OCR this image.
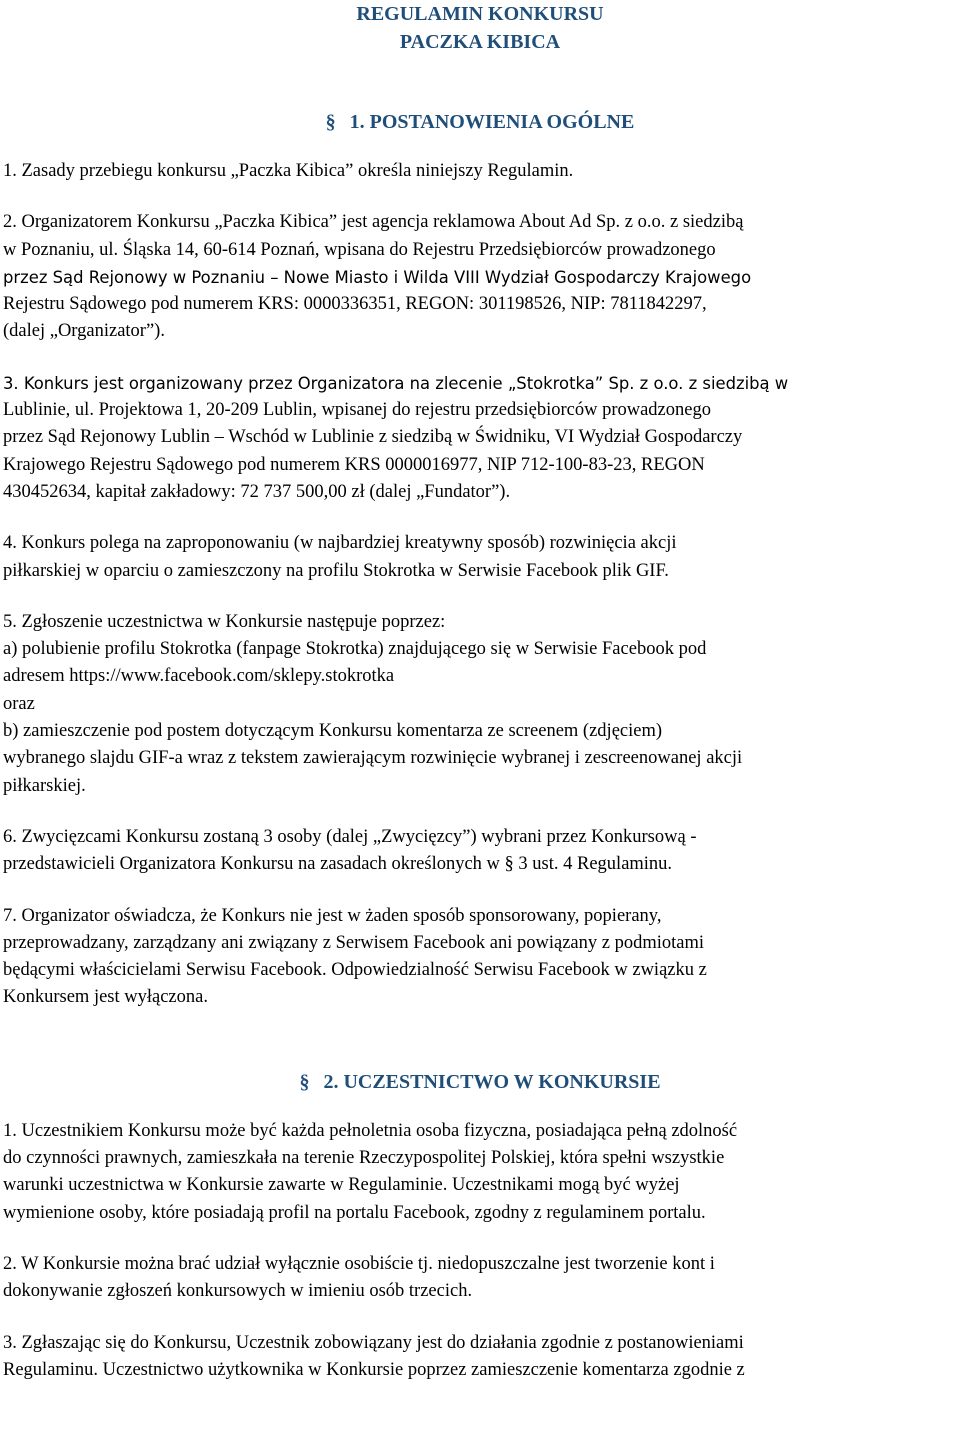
REGULAMIN KONKURSU
PACZKA KIBICA
§ 1. POSTANOWIENIA OGÓLNE

1. Zasady przebiegu konkursu „Paczka Kibica” określa niniejszy Regulamin.

2. Organizatorem Konkursu „Paczka Kibica” jest agencja reklamowa About Ad Sp. z o.o. z siedzibą
w Poznaniu, ul. Śląska 14, 60-614 Poznań, wpisana do Rejestru Przedsiębiorców prowadzonego
przez Sąd Rejonowy w Poznaniu – Nowe Miasto i Wilda VIII Wydział Gospodarczy Krajowego
Rejestru Sądowego pod numerem KRS: 0000336351, REGON: 301198526, NIP: 7811842297,
(dalej „Organizator”).

3. Konkurs jest organizowany przez Organizatora na zlecenie „Stokrotka” Sp. z o.o. z siedzibą w
Lublinie, ul. Projektowa 1, 20-209 Lublin, wpisanej do rejestru przedsiębiorców prowadzonego
przez Sąd Rejonowy Lublin – Wschód w Lublinie z siedzibą w Świdniku, VI Wydział Gospodarczy
Krajowego Rejestru Sądowego pod numerem KRS 0000016977, NIP 712-100-83-23, REGON
430452634, kapitał zakładowy: 72 737 500,00 zł (dalej „Fundator”).

4. Konkurs polega na zaproponowaniu (w najbardziej kreatywny sposób) rozwinięcia akcji
piłkarskiej w oparciu o zamieszczony na profilu Stokrotka w Serwisie Facebook plik GIF.

5. Zgłoszenie uczestnictwa w Konkursie następuje poprzez:
a) polubienie profilu Stokrotka (fanpage Stokrotka) znajdującego się w Serwisie Facebook pod
adresem https://www.facebook.com/sklepy.stokrotka
oraz
b) zamieszczenie pod postem dotyczącym Konkursu komentarza ze screenem (zdjęciem)
wybranego slajdu GIF-a wraz z tekstem zawierającym rozwinięcie wybranej i zescreenowanej akcji
piłkarskiej.

6. Zwycięzcami Konkursu zostaną 3 osoby (dalej „Zwycięzcy”) wybrani przez Konkursową -
przedstawicieli Organizatora Konkursu na zasadach określonych w § 3 ust. 4 Regulaminu.

7. Organizator oświadcza, że Konkurs nie jest w żaden sposób sponsorowany, popierany,
przeprowadzany, zarządzany ani związany z Serwisem Facebook ani powiązany z podmiotami
będącymi właścicielami Serwisu Facebook. Odpowiedzialność Serwisu Facebook w związku z
Konkursem jest wyłączona.

§ 2. UCZESTNICTWO W KONKURSIE

1. Uczestnikiem Konkursu może być każda pełnoletnia osoba fizyczna, posiadająca pełną zdolność
do czynności prawnych, zamieszkała na terenie Rzeczypospolitej Polskiej, która spełni wszystkie
warunki uczestnictwa w Konkursie zawarte w Regulaminie. Uczestnikami mogą być wyżej
wymienione osoby, które posiadają profil na portalu Facebook, zgodny z regulaminem portalu.

2. W Konkursie można brać udział wyłącznie osobiście tj. niedopuszczalne jest tworzenie kont i
dokonywanie zgłoszeń konkursowych w imieniu osób trzecich.

3. Zgłaszając się do Konkursu, Uczestnik zobowiązany jest do działania zgodnie z postanowieniami
Regulaminu. Uczestnictwo użytkownika w Konkursie poprzez zamieszczenie komentarza zgodnie z
